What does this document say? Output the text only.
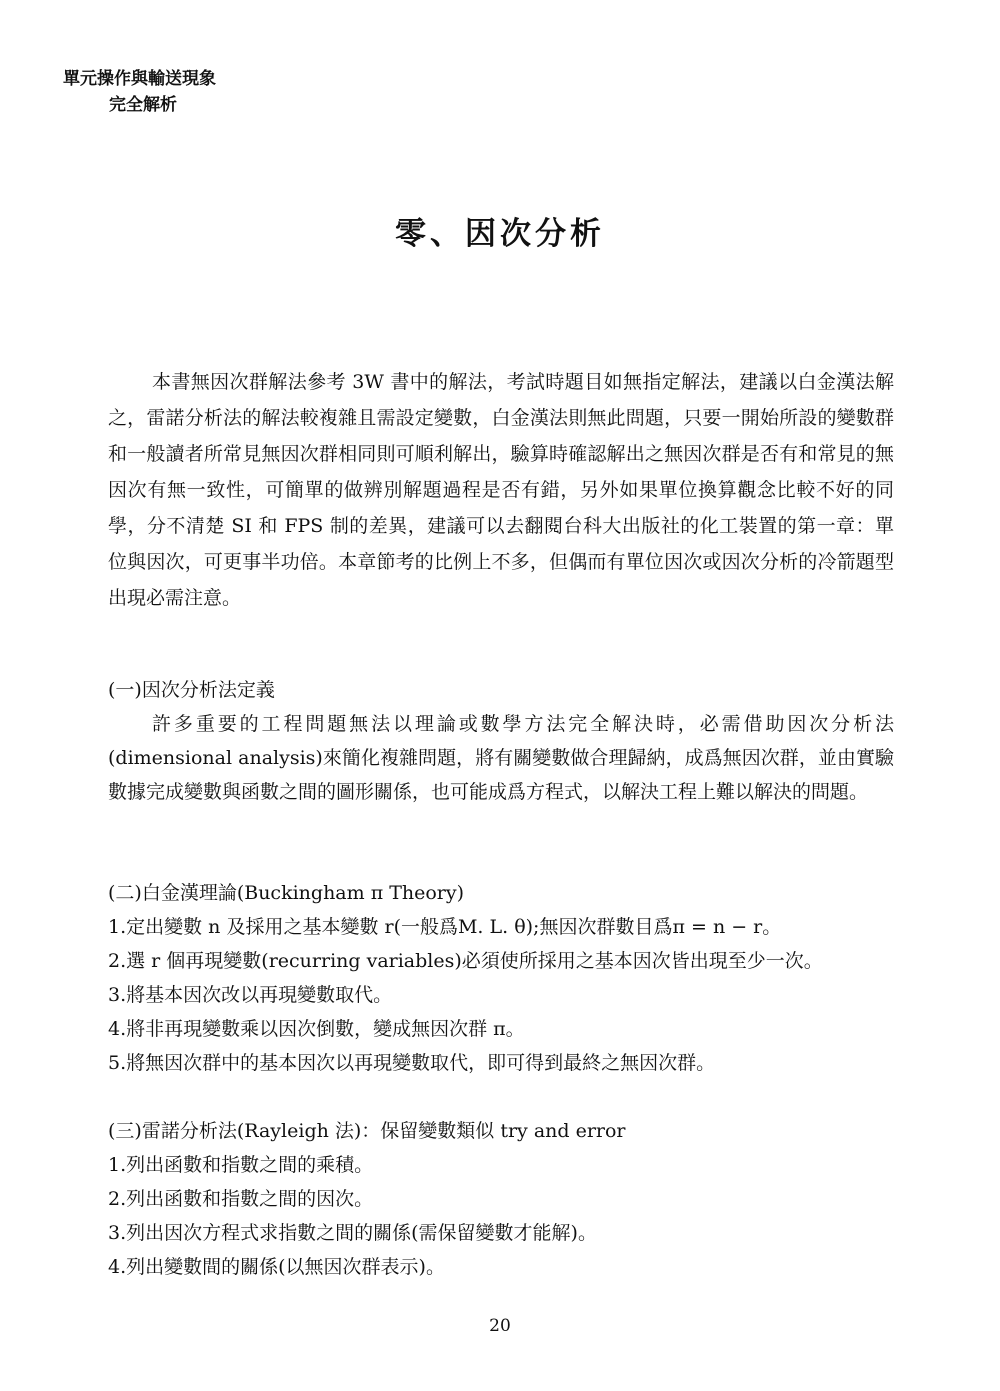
單元操作與輸送現象
完全解析
零、因次分析
本書無因次群解法參考 3W 書中的解法，考試時題目如無指定解法，建議以白金漢法解之，雷諾分析法的解法較複雜且需設定變數，白金漢法則無此問題，只要一開始所設的變數群和一般讀者所常見無因次群相同則可順利解出，驗算時確認解出之無因次群是否有和常見的無因次有無一致性，可簡單的做辨別解題過程是否有錯，另外如果單位換算觀念比較不好的同學，分不清楚 SI 和 FPS 制的差異，建議可以去翻閱台科大出版社的化工裝置的第一章：單位與因次，可更事半功倍。本章節考的比例上不多，但偶而有單位因次或因次分析的冷箭題型出現必需注意。
(一)因次分析法定義
許多重要的工程問題無法以理論或數學方法完全解決時，必需借助因次分析法(dimensional analysis)來簡化複雜問題，將有關變數做合理歸納，成爲無因次群，並由實驗數據完成變數與函數之間的圖形關係，也可能成爲方程式，以解決工程上難以解決的問題。
(二)白金漢理論(Buckingham π Theory)
1.定出變數 n 及採用之基本變數 r(一般爲M. L. θ);無因次群數目爲π = n − r。
2.選 r 個再現變數(recurring variables)必須使所採用之基本因次皆出現至少一次。
3.將基本因次改以再現變數取代。
4.將非再現變數乘以因次倒數，變成無因次群 π。
5.將無因次群中的基本因次以再現變數取代，即可得到最終之無因次群。
(三)雷諾分析法(Rayleigh 法)：保留變數類似 try and error
1.列出函數和指數之間的乘積。
2.列出函數和指數之間的因次。
3.列出因次方程式求指數之間的關係(需保留變數才能解)。
4.列出變數間的關係(以無因次群表示)。
20
